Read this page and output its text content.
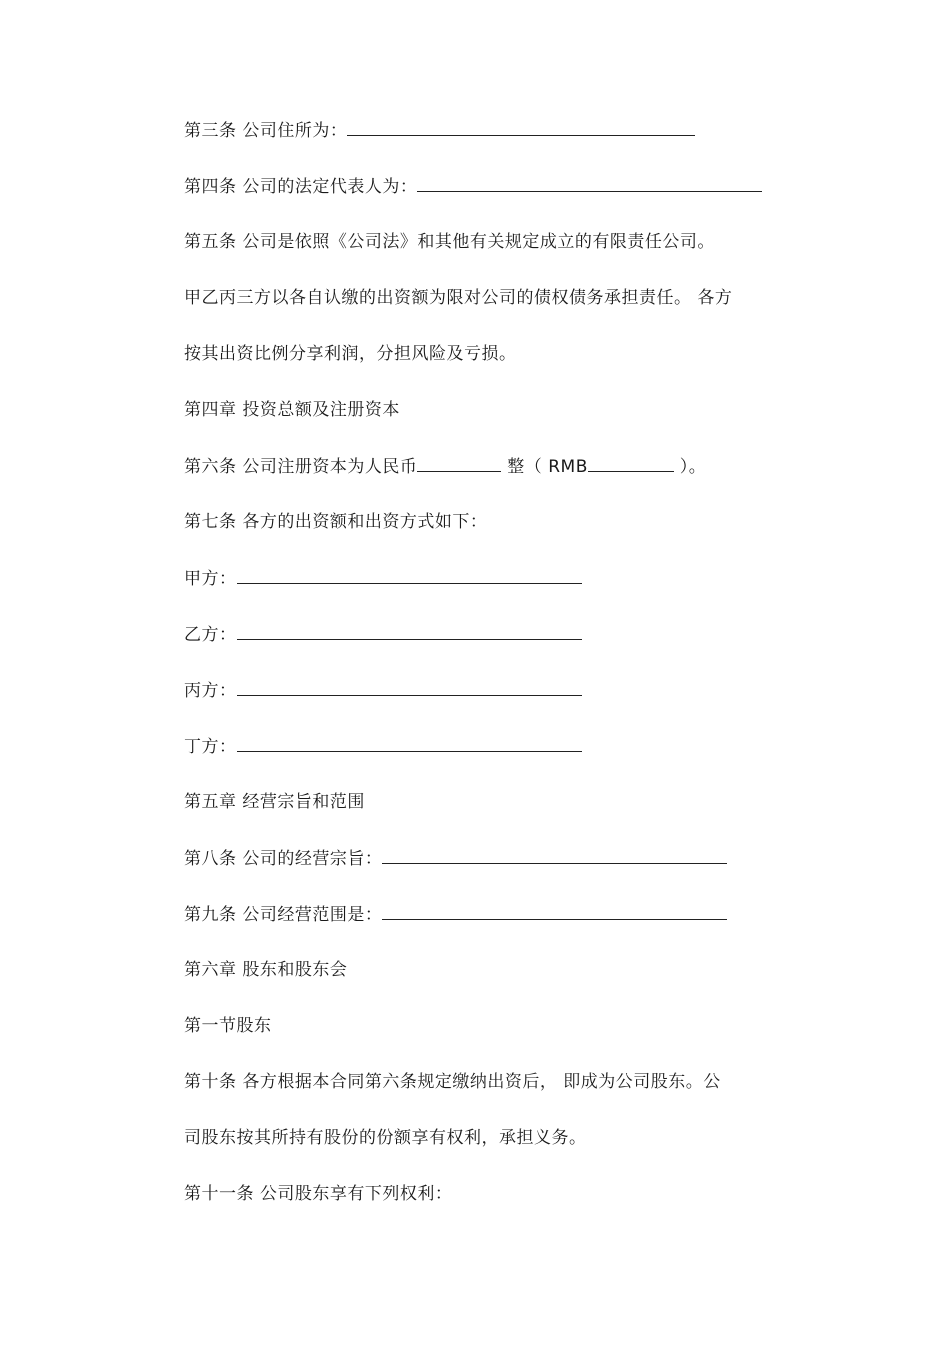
第三条 公司住所为：
第四条 公司的法定代表人为：
第五条 公司是依照《公司法》和其他有关规定成立的有限责任公司。
甲乙丙三方以各自认缴的出资额为限对公司的债权债务承担责任。 各方
按其出资比例分享利润，分担风险及亏损。
第四章 投资总额及注册资本
第六条 公司注册资本为人民币	整（ RMB	）。
第七条 各方的出资额和出资方式如下：
甲方：
乙方：
丙方：
丁方：
第五章 经营宗旨和范围
第八条 公司的经营宗旨：
第九条 公司经营范围是：
第六章 股东和股东会
第一节股东
第十条 各方根据本合同第六条规定缴纳出资后， 即成为公司股东。公
司股东按其所持有股份的份额享有权利，承担义务。
第十一条 公司股东享有下列权利：
